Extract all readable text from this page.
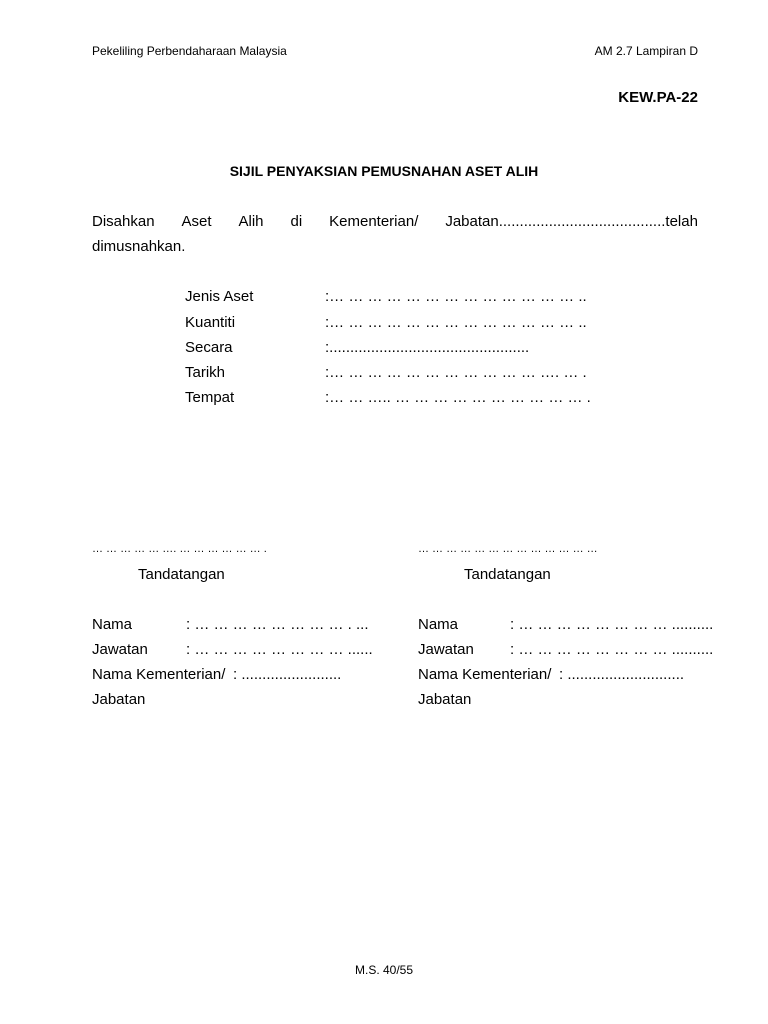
Pekeliling Perbendaharaan Malaysia	AM 2.7 Lampiran D
KEW.PA-22
SIJIL PENYAKSIAN PEMUSNAHAN ASET ALIH
Disahkan Aset Alih di Kementerian/ Jabatan........................................telah
dimusnahkan.
Jenis Aset	:… … … … … … … … … … … … … ..
Kuantiti	:… … … … … … … … … … … … … ..
Secara	:................................................
Tarikh	:… … … … … … … … … … … …. … .
Tempat	:… … ….. … … … … … … … … … … .
… … … … … …. … … … … … … .
Tandatangan
Nama	: … … … … … … … … . ...
Jawatan	: … … … … … … … … ......
Nama Kementerian/ : ........................
Jabatan
… … … … … … … … … … … … …
Tandatangan
Nama	: … … … … … … … … ..........
Jawatan : … … … … … … … … ..........
Nama Kementerian/ : ............................
Jabatan
M.S. 40/55
